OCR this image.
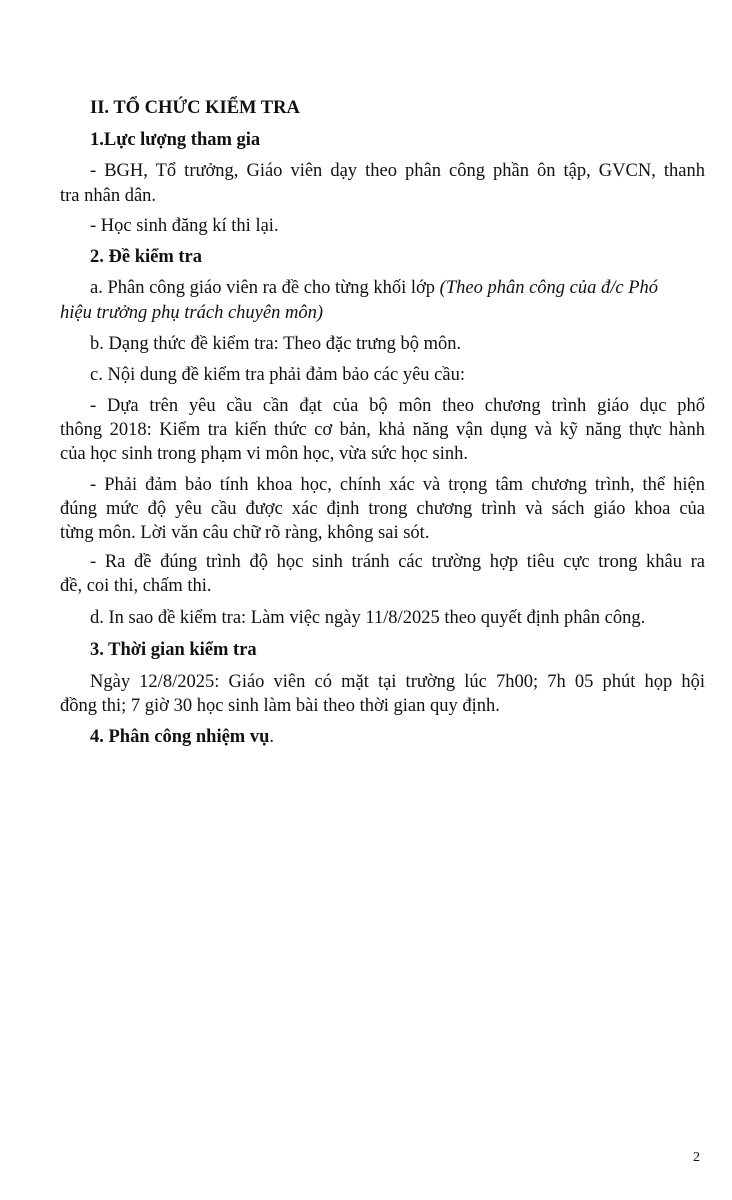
II. TỔ CHỨC KIỂM TRA
1.Lực lượng tham gia
- BGH, Tổ trưởng, Giáo viên dạy theo phân công phần ôn tập, GVCN, thanh
tra nhân dân.
- Học sinh đăng kí thi lại.
2. Đề kiểm tra
a. Phân công giáo viên ra đề cho từng khối lớp (Theo phân công của đ/c Phó
hiệu trưởng phụ trách chuyên môn)
b. Dạng thức đề kiểm tra: Theo đặc trưng bộ môn.
c. Nội dung đề kiểm tra phải đảm bảo các yêu cầu:
- Dựa trên yêu cầu cần đạt của bộ môn theo chương trình giáo dục phổ
thông 2018: Kiểm tra kiến thức cơ bản, khả năng vận dụng và kỹ năng thực hành
của học sinh trong phạm vi môn học, vừa sức học sinh.
- Phải đảm bảo tính khoa học, chính xác và trọng tâm chương trình, thể hiện
đúng mức độ yêu cầu được xác định trong chương trình và sách giáo khoa của
từng môn. Lời văn câu chữ rõ ràng, không sai sót.
- Ra đề đúng trình độ học sinh tránh các trường hợp tiêu cực trong khâu ra
đề, coi thi, chấm thi.
d. In sao đề kiểm tra: Làm việc ngày 11/8/2025 theo quyết định phân công.
3. Thời gian kiểm tra
Ngày 12/8/2025: Giáo viên có mặt tại trường lúc 7h00; 7h 05 phút họp hội
đồng thi; 7 giờ 30 học sinh làm bài theo thời gian quy định.
4. Phân công nhiệm vụ.
2
